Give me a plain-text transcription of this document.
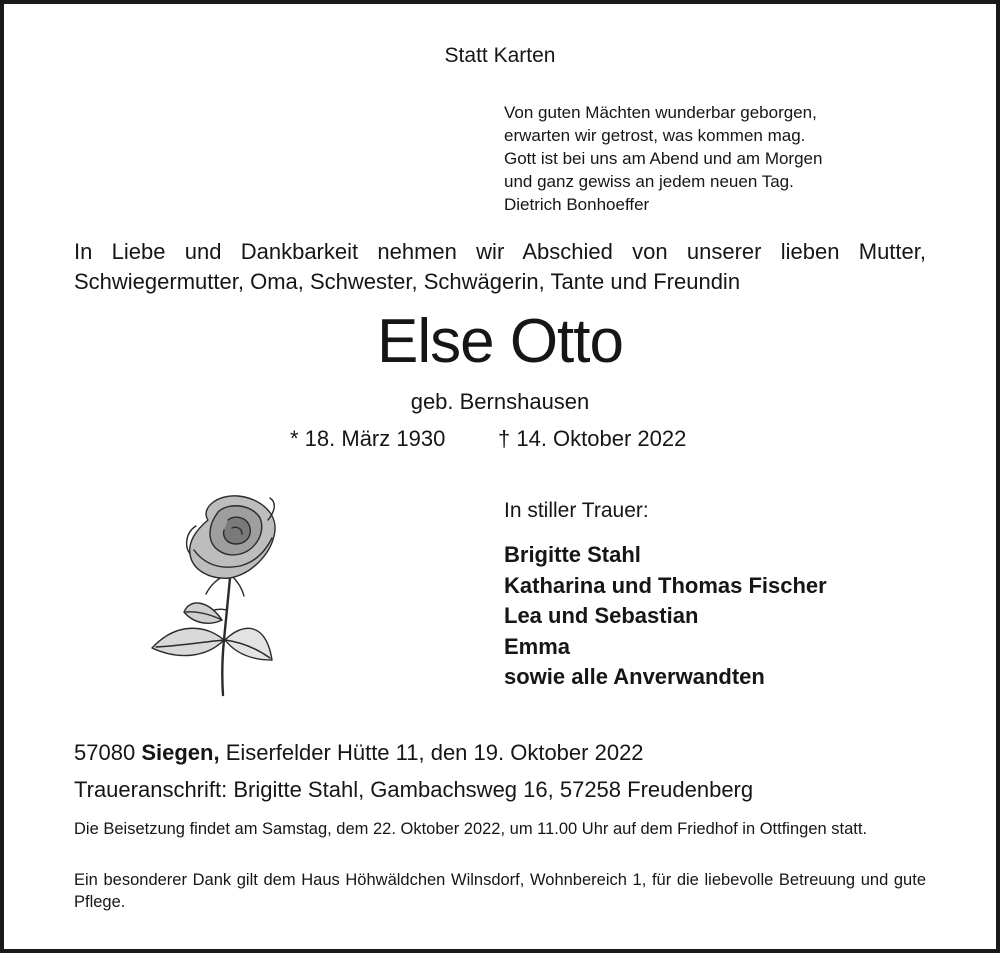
Statt Karten
Von guten Mächten wunderbar geborgen,
erwarten wir getrost, was kommen mag.
Gott ist bei uns am Abend und am Morgen
und ganz gewiss an jedem neuen Tag.
Dietrich Bonhoeffer
In Liebe und Dankbarkeit nehmen wir Abschied von unserer lieben Mutter,
Schwiegermutter, Oma, Schwester, Schwägerin, Tante und Freundin
Else Otto
geb. Bernshausen
* 18. März 1930 † 14. Oktober 2022
In stiller Trauer:
Brigitte Stahl
Katharina und Thomas Fischer
Lea und Sebastian
Emma
sowie alle Anverwandten
57080 Siegen, Eiserfelder Hütte 11, den 19. Oktober 2022
Traueranschrift: Brigitte Stahl, Gambachsweg 16, 57258 Freudenberg
Die Beisetzung findet am Samstag, dem 22. Oktober 2022, um 11.00 Uhr auf dem Friedhof in Ottfingen statt.
Ein besonderer Dank gilt dem Haus Höhwäldchen Wilnsdorf, Wohnbereich 1, für die liebevolle Betreuung und gute Pflege.
